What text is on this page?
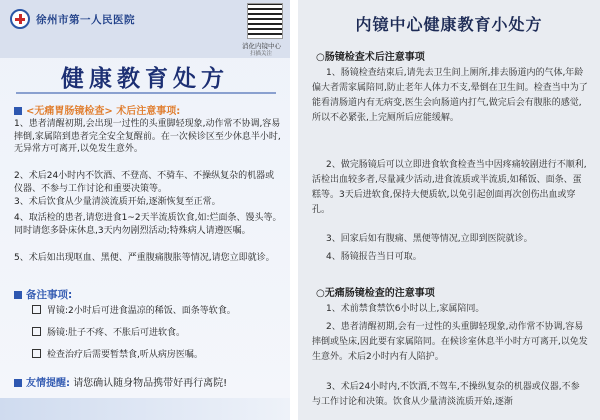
徐州市第一人民医院
消化内镜中心
扫描关注
健康教育处方
<无痛胃肠镜检查> 术后注意事项:
1、患者清醒初期,会出现一过性的头重脚轻现象,动作常不协调,容易摔倒,家属陪到患者完全安全复醒前。在一次候诊区至少休息半小时,无异常方可离开,以免发生意外。
2、术后24小时内不饮酒、不登高、不骑车、不操纵复杂的机器或仪器、不参与工作讨论和重要决策等。
3、术后饮食从少量清淡流质开始,逐渐恢复至正常。
4、取活检的患者,请您进食1~2天半流质饮食,如:烂面条、馒头等。同时请您多卧床休息,3天内勿剧烈活动;特殊病人请遵医嘱。
5、术后如出现呕血、黑便、严重腹痛腹胀等情况,请您立即就诊。
备注事项:
胃镜:2小时后可进食温凉的稀饭、面条等软食。
肠镜:肚子不疼、不胀后可进软食。
检查治疗后需要暂禁食,听从病房医嘱。
友情提醒: 请您确认随身物品携带好再行离院!
内镜中心健康教育小处方
○肠镜检查术后注意事项
1、肠镜检查结束后,请先去卫生间上厕所,排去肠道内的气体,年龄偏大者需家属陪同,防止老年人体力不支,晕倒在卫生间。检查当中为了能看清肠道内有无病变,医生会向肠道内打气,做完后会有腹胀的感觉,所以不必紧张,上完厕所后应能缓解。
2、做完肠镜后可以立即进食软食检查当中因疼痛较剧进行不顺利,活检出血较多者,尽量减少活动,进食流质或半流质,如稀饭、面条、蛋糕等。3天后进软食,保持大便质软,以免引起创面再次创伤出血或穿孔。
3、回家后如有腹痛、黑便等情况,立即到医院就诊。
4、肠镜报告当日可取。
○无痛肠镜检查的注意事项
1、术前禁食禁饮6小时以上,家属陪同。
2、患者清醒初期,会有一过性的头重脚轻现象,动作常不协调,容易摔倒或坠床,因此要有家属陪同。在候诊室休息半小时方可离开,以免发生意外。术后2小时内有人陪护。
3、术后24小时内,不饮酒,不驾车,不操纵复杂的机器或仪器,不参与工作讨论和决策。饮食从少量清淡流质开始,逐渐
